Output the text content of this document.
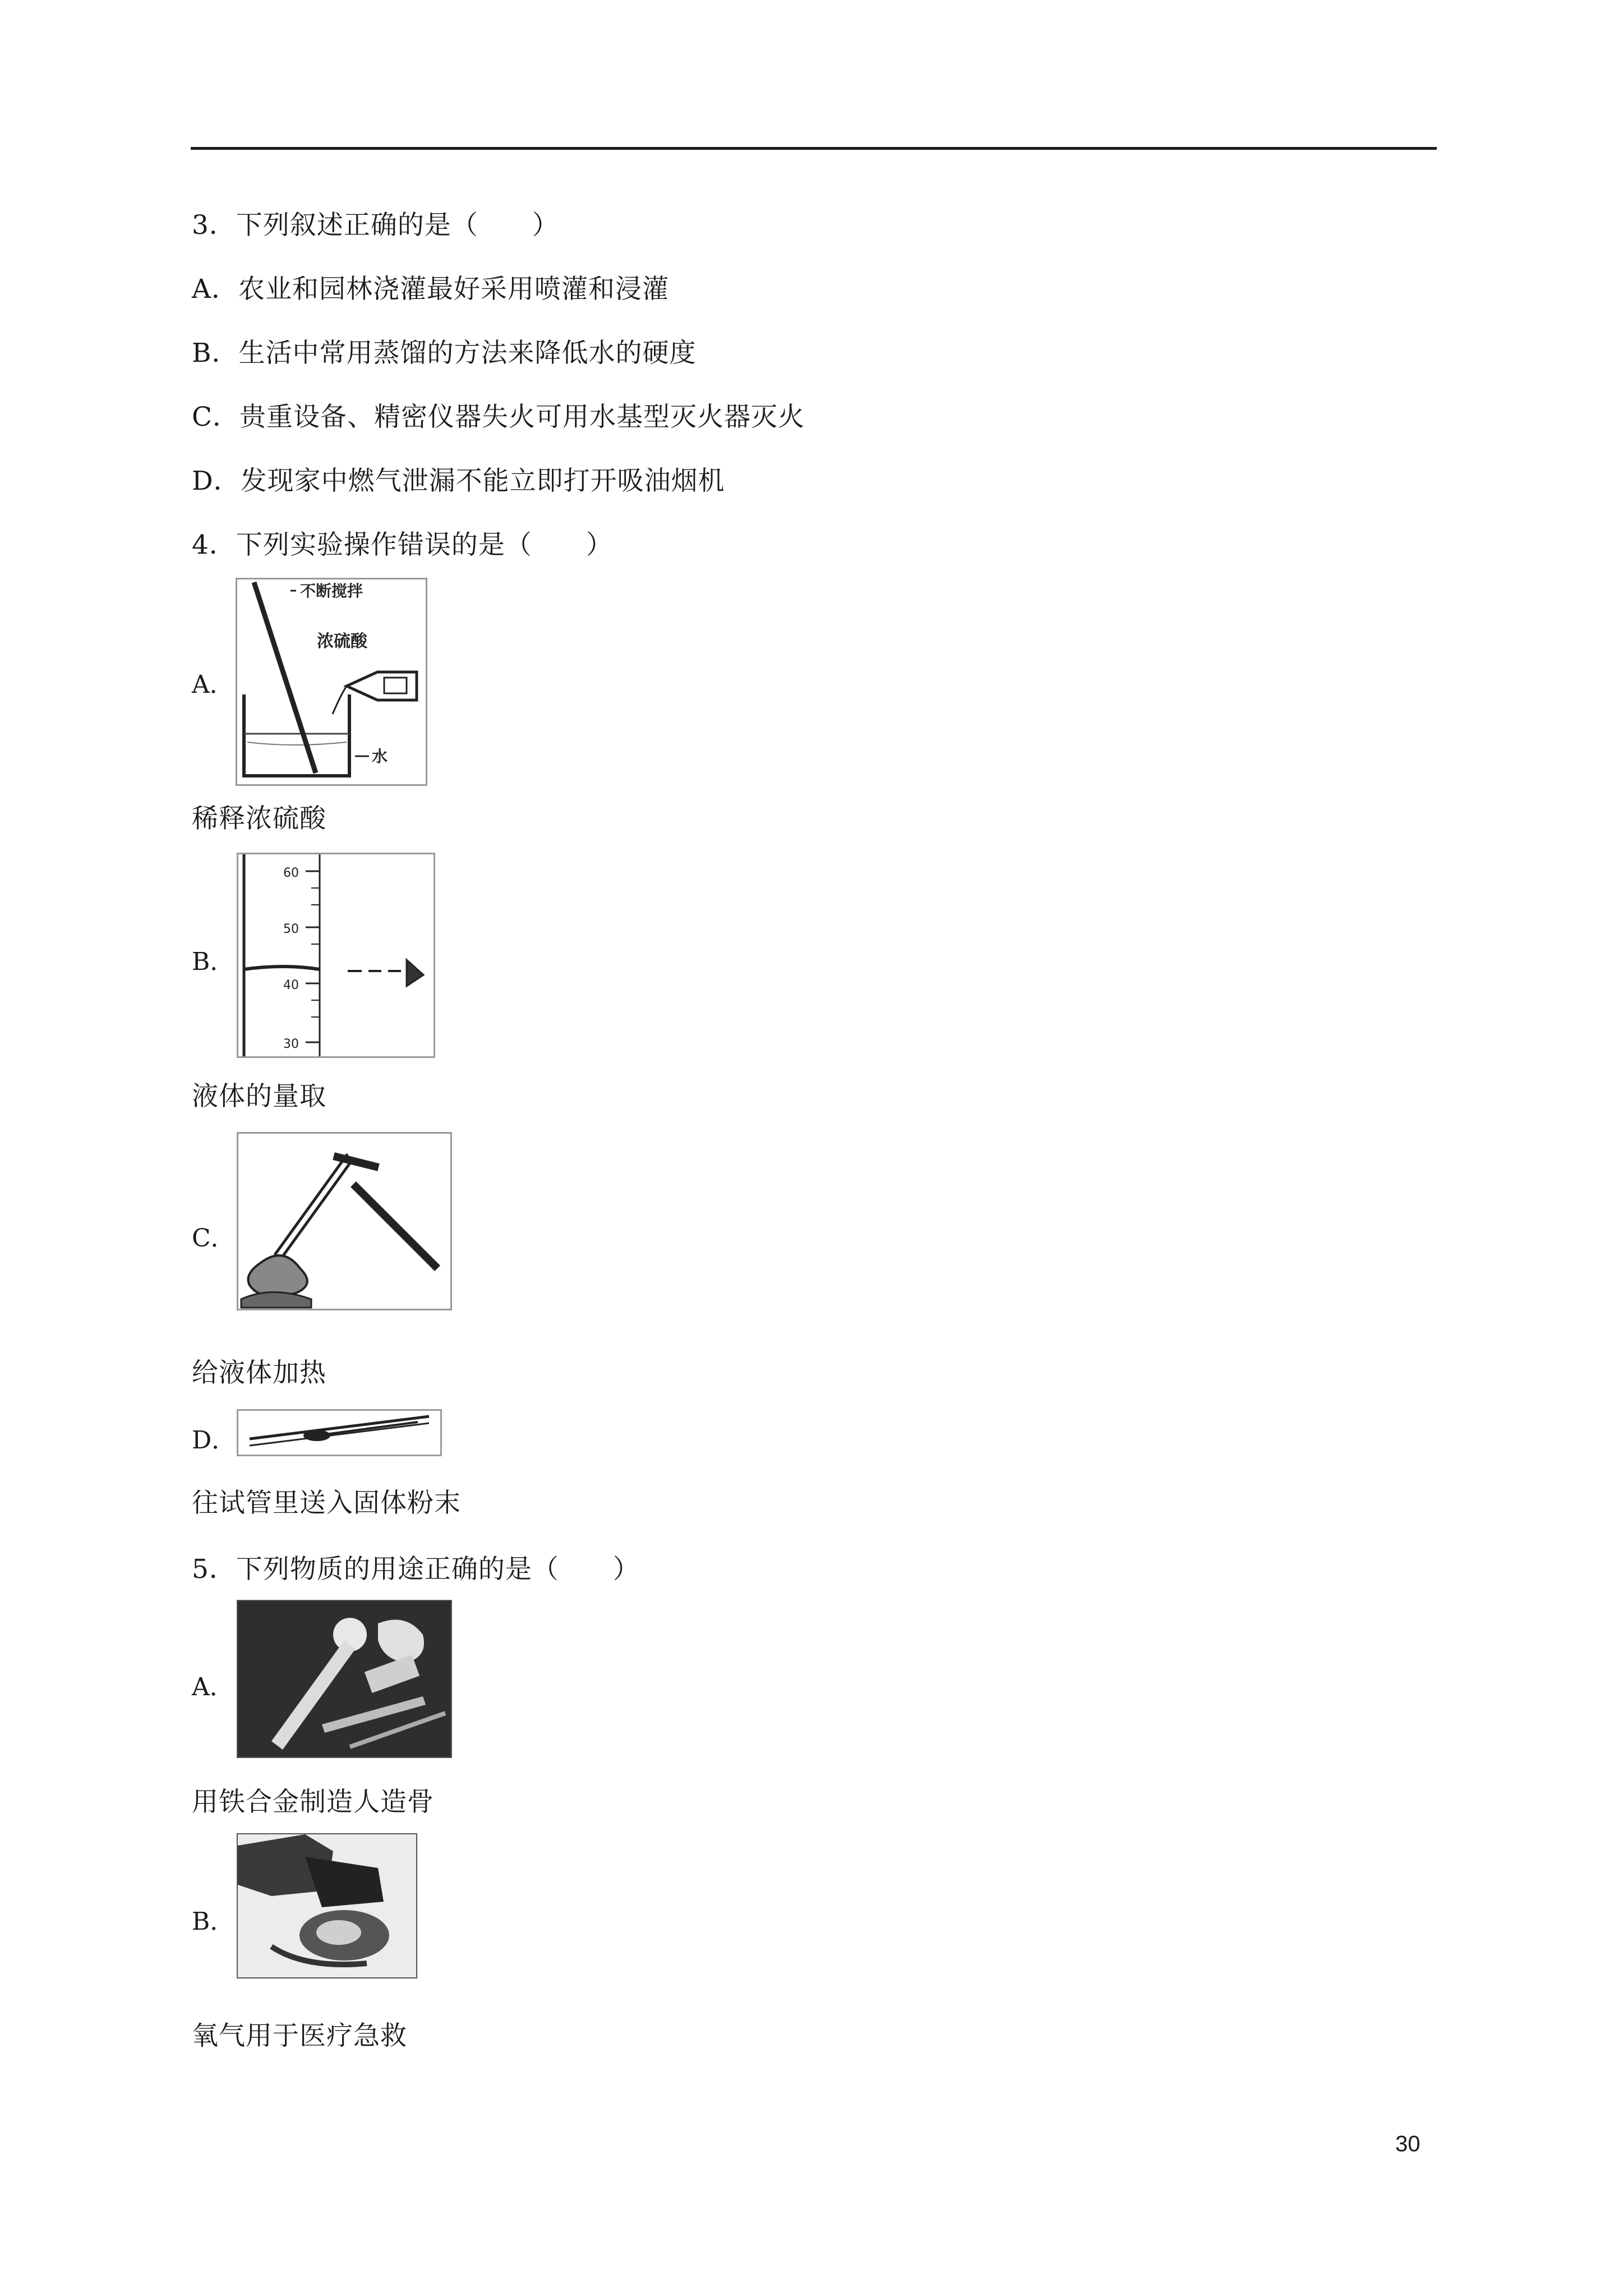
3．下列叙述正确的是（　　）
A．农业和园林浇灌最好采用喷灌和浸灌
B．生活中常用蒸馏的方法来降低水的硬度
C．贵重设备、精密仪器失火可用水基型灭火器灭火
D．发现家中燃气泄漏不能立即打开吸油烟机
4．下列实验操作错误的是（　　）
A．
不断搅拌
浓硫酸
水
稀释浓硫酸
B．
60
50
40
30
液体的量取
C．
给液体加热
D．
往试管里送入固体粉末
5．下列物质的用途正确的是（　　）
A．
用铁合金制造人造骨
B．
氧气用于医疗急救
30
